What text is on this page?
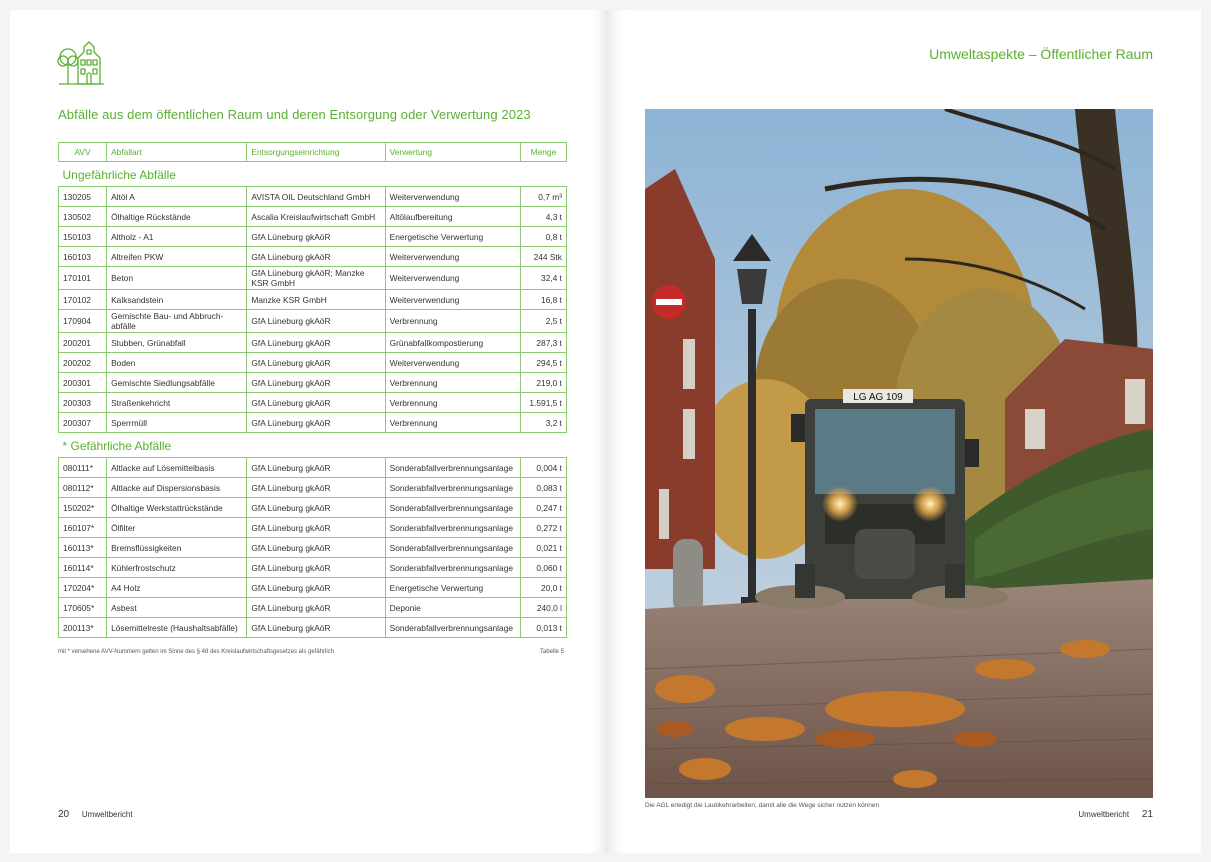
Abfälle aus dem öffentlichen Raum und deren Entsorgung oder Verwertung 2023
AVV	Abfallart	Entsorgungseinrichtung	Verwertung	Menge
Ungefährliche Abfälle				
130205	Altöl A	AVISTA OIL Deutschland GmbH	Weiterverwendung	0,7 m³
130502	Ölhaltige Rückstände	Ascalia Kreislaufwirtschaft GmbH	Altölaufbereitung	4,3 t
150103	Altholz - A1	GfA Lüneburg gkAöR	Energetische Verwertung	0,8 t
160103	Altreifen PKW	GfA Lüneburg gkAöR	Weiterverwendung	244 Stk
170101	Beton	GfA Lüneburg gkAöR; Manzke KSR GmbH	Weiterverwendung	32,4 t
170102	Kalksandstein	Manzke KSR GmbH	Weiterverwendung	16,8 t
170904	Gemischte Bau- und Abbruch-abfälle	GfA Lüneburg gkAöR	Verbrennung	2,5 t
200201	Stubben, Grünabfall	GfA Lüneburg gkAöR	Grünabfallkompostierung	287,3 t
200202	Boden	GfA Lüneburg gkAöR	Weiterverwendung	294,5 t
200301	Gemischte Siedlungsabfälle	GfA Lüneburg gkAöR	Verbrennung	219,0 t
200303	Straßenkehricht	GfA Lüneburg gkAöR	Verbrennung	1.591,5 t
200307	Sperrmüll	GfA Lüneburg gkAöR	Verbrennung	3,2 t
* Gefährliche Abfälle				
080111*	Altlacke auf Lösemittelbasis	GfA Lüneburg gkAöR	Sonderabfallverbrennungsanlage	0,004 t
080112*	Altlacke auf Dispersionsbasis	GfA Lüneburg gkAöR	Sonderabfallverbrennungsanlage	0,083 t
150202*	Ölhaltige Werkstattrückstände	GfA Lüneburg gkAöR	Sonderabfallverbrennungsanlage	0,247 t
160107*	Ölfilter	GfA Lüneburg gkAöR	Sonderabfallverbrennungsanlage	0,272 t
160113*	Bremsflüssigkeiten	GfA Lüneburg gkAöR	Sonderabfallverbrennungsanlage	0,021 t
160114*	Kühlerfrostschutz	GfA Lüneburg gkAöR	Sonderabfallverbrennungsanlage	0,060 t
170204*	A4 Holz	GfA Lüneburg gkAöR	Energetische Verwertung	20,0 t
170605*	Asbest	GfA Lüneburg gkAöR	Deponie	240,0 l
200113*	Lösemittelreste (Haushaltsabfälle)	GfA Lüneburg gkAöR	Sonderabfallverbrennungsanlage	0,013 t
mit * versehene AVV-Nummern gelten im Sinne des § 48 des Kreislaufwirtschaftsgesetzes als gefährlich	Tabelle 5
20 Umweltbericht
Umweltaspekte – Öffentlicher Raum
LG AG 109
Die AGL erledigt die Laubkehrarbeiten, damit alle die Wege sicher nutzen können
Umweltbericht 21
